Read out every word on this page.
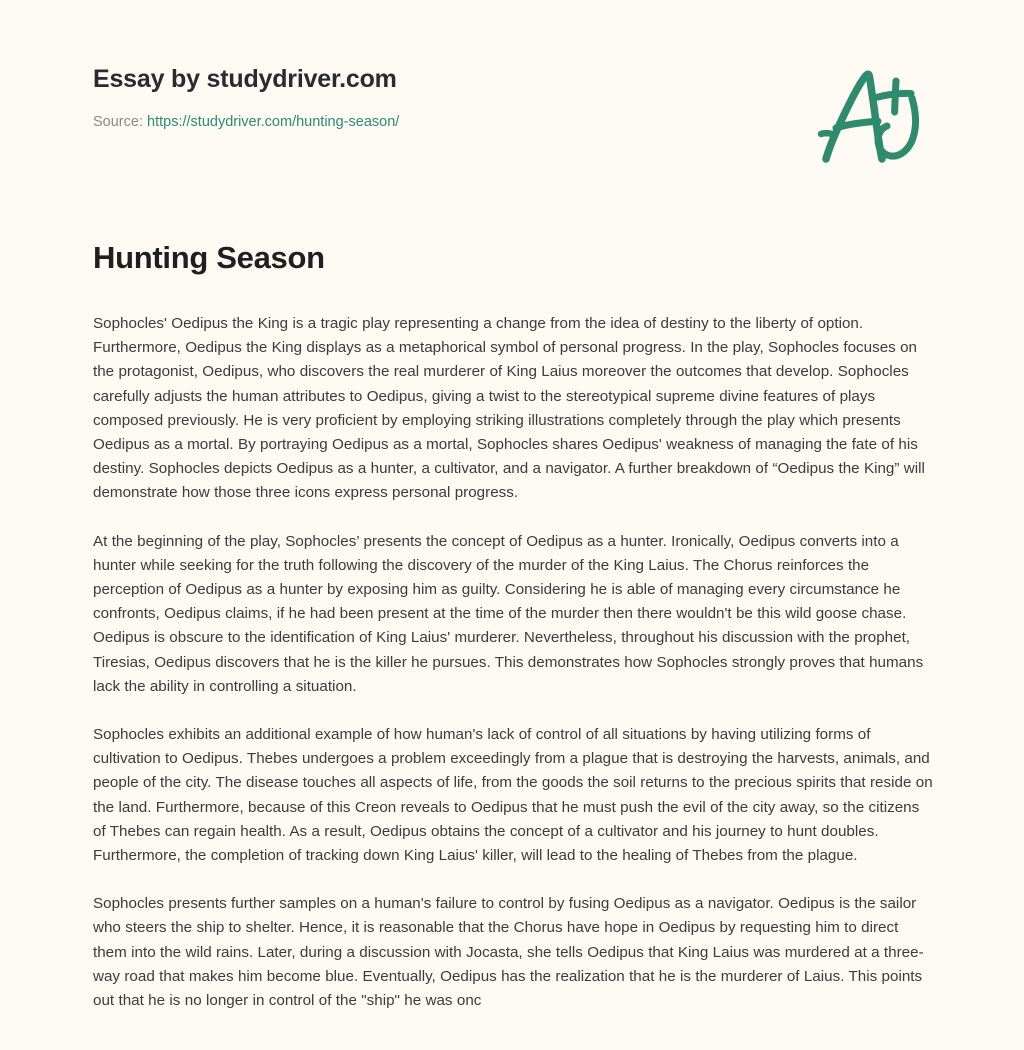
Essay by studydriver.com
Source: https://studydriver.com/hunting-season/
Hunting Season

Sophocles' Oedipus the King is a tragic play representing a change from the idea of destiny to the liberty of option. Furthermore, Oedipus the King displays as a metaphorical symbol of personal progress. In the play, Sophocles focuses on the protagonist, Oedipus, who discovers the real murderer of King Laius moreover the outcomes that develop. Sophocles carefully adjusts the human attributes to Oedipus, giving a twist to the stereotypical supreme divine features of plays composed previously. He is very proficient by employing striking illustrations completely through the play which presents Oedipus as a mortal. By portraying Oedipus as a mortal, Sophocles shares Oedipus' weakness of managing the fate of his destiny. Sophocles depicts Oedipus as a hunter, a cultivator, and a navigator. A further breakdown of “Oedipus the King” will demonstrate how those three icons express personal progress.

At the beginning of the play, Sophocles’ presents the concept of Oedipus as a hunter. Ironically, Oedipus converts into a hunter while seeking for the truth following the discovery of the murder of the King Laius. The Chorus reinforces the perception of Oedipus as a hunter by exposing him as guilty. Considering he is able of managing every circumstance he confronts, Oedipus claims, if he had been present at the time of the murder then there wouldn't be this wild goose chase. Oedipus is obscure to the identification of King Laius' murderer. Nevertheless, throughout his discussion with the prophet, Tiresias, Oedipus discovers that he is the killer he pursues. This demonstrates how Sophocles strongly proves that humans lack the ability in controlling a situation.

Sophocles exhibits an additional example of how human's lack of control of all situations by having utilizing forms of cultivation to Oedipus. Thebes undergoes a problem exceedingly from a plague that is destroying the harvests, animals, and people of the city. The disease touches all aspects of life, from the goods the soil returns to the precious spirits that reside on the land. Furthermore, because of this Creon reveals to Oedipus that he must push the evil of the city away, so the citizens of Thebes can regain health. As a result, Oedipus obtains the concept of a cultivator and his journey to hunt doubles. Furthermore, the completion of tracking down King Laius' killer, will lead to the healing of Thebes from the plague.

Sophocles presents further samples on a human's failure to control by fusing Oedipus as a navigator. Oedipus is the sailor who steers the ship to shelter. Hence, it is reasonable that the Chorus have hope in Oedipus by requesting him to direct them into the wild rains. Later, during a discussion with Jocasta, she tells Oedipus that King Laius was murdered at a three-way road that makes him become blue. Eventually, Oedipus has the realization that he is the murderer of Laius. This points out that he is no longer in control of the "ship" he was onc
